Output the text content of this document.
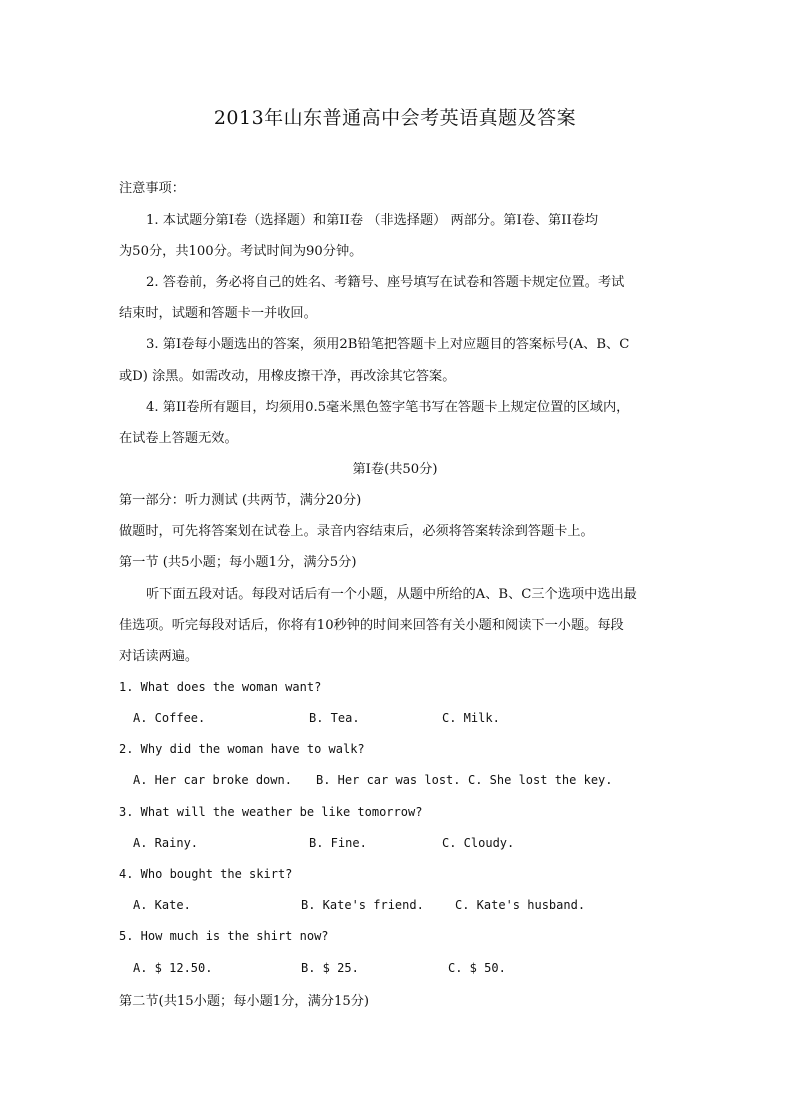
2013年山东普通高中会考英语真题及答案
注意事项：
1. 本试题分第I卷（选择题）和第II卷 （非选择题） 两部分。第I卷、第II卷均
为50分，共100分。考试时间为90分钟。
2. 答卷前，务必将自己的姓名、考籍号、座号填写在试卷和答题卡规定位置。考试
结束时，试题和答题卡一并收回。
3. 第I卷每小题选出的答案，须用2B铅笔把答题卡上对应题目的答案标号(A、B、C
或D) 涂黑。如需改动，用橡皮擦干净，再改涂其它答案。
4. 第II卷所有题目，均须用0.5毫米黑色签字笔书写在答题卡上规定位置的区域内，
在试卷上答题无效。
第I卷(共50分)
第一部分：听力测试 (共两节，满分20分)
做题时，可先将答案划在试卷上。录音内容结束后，必须将答案转涂到答题卡上。
第一节 (共5小题；每小题1分，满分5分)
听下面五段对话。每段对话后有一个小题，从题中所给的A、B、C三个选项中选出最
佳选项。听完每段对话后，你将有10秒钟的时间来回答有关小题和阅读下一小题。每段
对话读两遍。
1. What does the woman want?
A. Coffee.	B. Tea.	C. Milk.
2. Why did the woman have to walk?
A. Her car broke down. B. Her car was lost. C. She lost the key.
3. What will the weather be like tomorrow?
A. Rainy.	B. Fine.	C. Cloudy.
4. Who bought the skirt?
A. Kate.	B. Kate's friend.	C. Kate's husband.
5. How much is the shirt now?
A. $ 12.50.	B. $ 25.	C. $ 50.
第二节(共15小题；每小题1分，满分15分)
